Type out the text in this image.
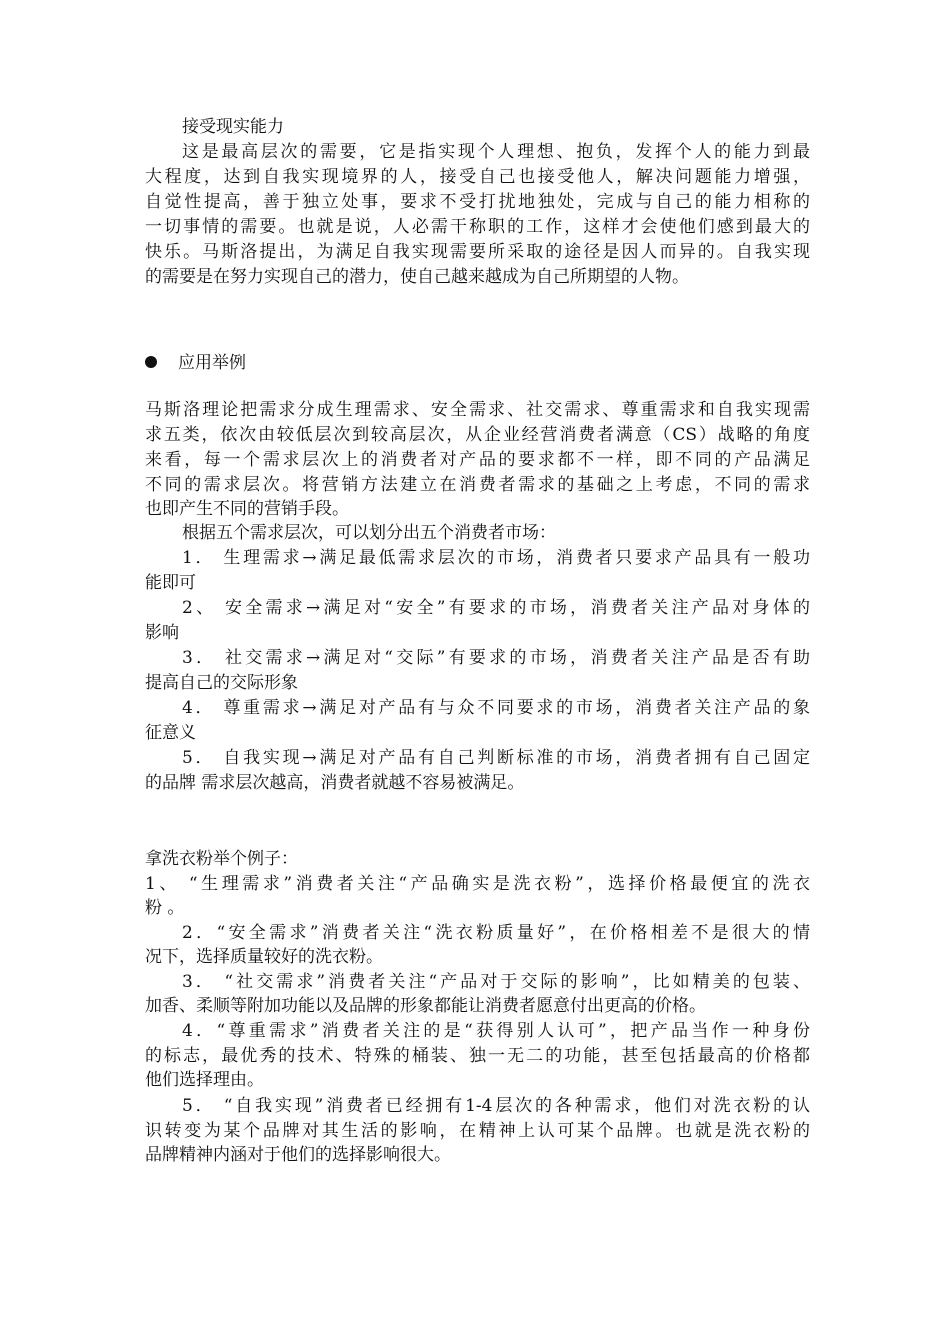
接受现实能力
这是最高层次的需要，它是指实现个人理想、抱负，发挥个人的能力到最
大程度，达到自我实现境界的人，接受自己也接受他人，解决问题能力增强，
自觉性提高，善于独立处事，要求不受打扰地独处，完成与自己的能力相称的
一切事情的需要。也就是说，人必需干称职的工作，这样才会使他们感到最大的
快乐。马斯洛提出，为满足自我实现需要所采取的途径是因人而异的。自我实现
的需要是在努力实现自己的潜力，使自己越来越成为自己所期望的人物。
应用举例
马斯洛理论把需求分成生理需求、安全需求、社交需求、尊重需求和自我实现需
求五类，依次由较低层次到较高层次，从企业经营消费者满意（CS）战略的角度
来看，每一个需求层次上的消费者对产品的要求都不一样，即不同的产品满足
不同的需求层次。将营销方法建立在消费者需求的基础之上考虑，不同的需求
也即产生不同的营销手段。
根据五个需求层次，可以划分出五个消费者市场：
1． 生理需求→满足最低需求层次的市场，消费者只要求产品具有一般功
能即可
2、 安全需求→满足对“安全”有要求的市场，消费者关注产品对身体的
影响
3． 社交需求→满足对“交际”有要求的市场，消费者关注产品是否有助
提高自己的交际形象
4． 尊重需求→满足对产品有与众不同要求的市场，消费者关注产品的象
征意义
5． 自我实现→满足对产品有自己判断标准的市场，消费者拥有自己固定
的品牌 需求层次越高，消费者就越不容易被满足。
拿洗衣粉举个例子：
1、 “生理需求”消费者关注“产品确实是洗衣粉”，选择价格最便宜的洗衣
粉 。
2．“安全需求”消费者关注“洗衣粉质量好”，在价格相差不是很大的情
况下，选择质量较好的洗衣粉。
3． “社交需求”消费者关注“产品对于交际的影响”，比如精美的包装、
加香、柔顺等附加功能以及品牌的形象都能让消费者愿意付出更高的价格。
4．“尊重需求”消费者关注的是“获得别人认可”，把产品当作一种身份
的标志，最优秀的技术、特殊的桶装、独一无二的功能，甚至包括最高的价格都
他们选择理由。
5． “自我实现”消费者已经拥有1-4层次的各种需求，他们对洗衣粉的认
识转变为某个品牌对其生活的影响，在精神上认可某个品牌。也就是洗衣粉的
品牌精神内涵对于他们的选择影响很大。
